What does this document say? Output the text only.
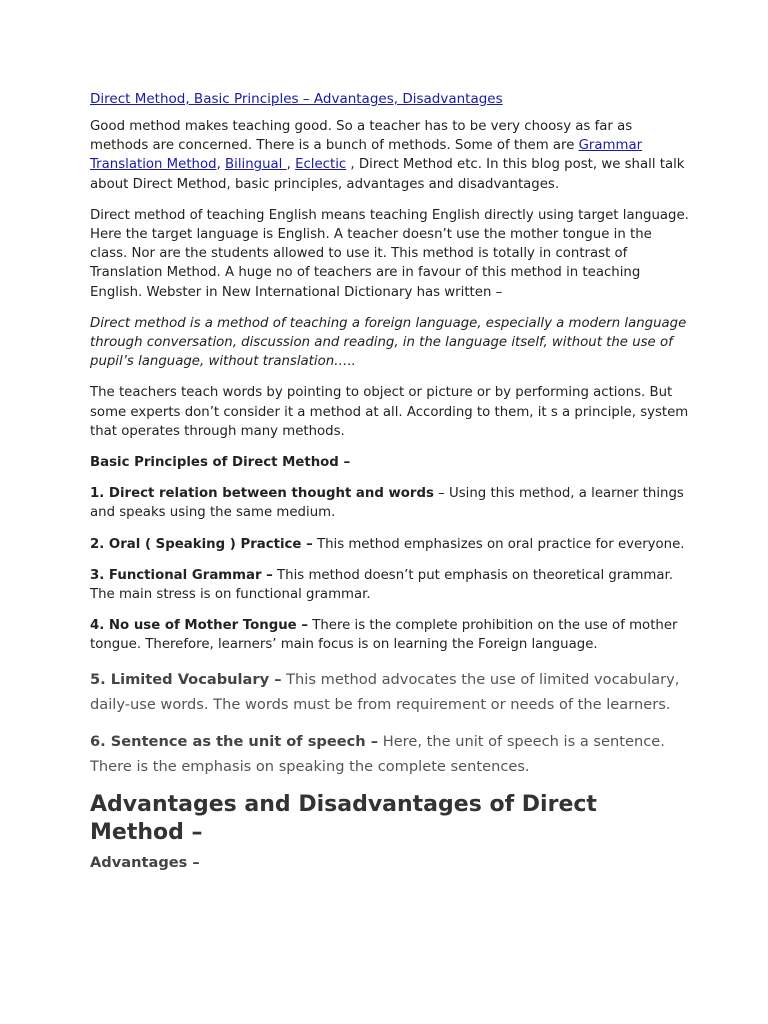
Direct Method, Basic Principles – Advantages, Disadvantages

Good method makes teaching good. So a teacher has to be very choosy as far as methods are concerned. There is a bunch of methods. Some of them are Grammar Translation Method, Bilingual , Eclectic , Direct Method etc. In this blog post, we shall talk about Direct Method, basic principles, advantages and disadvantages.

Direct method of teaching English means teaching English directly using target language. Here the target language is English. A teacher doesn’t use the mother tongue in the class. Nor are the students allowed to use it. This method is totally in contrast of Translation Method. A huge no of teachers are in favour of this method in teaching English. Webster in New International Dictionary has written –

Direct method is a method of teaching a foreign language, especially a modern language through conversation, discussion and reading, in the language itself, without the use of pupil’s language, without translation…..

The teachers teach words by pointing to object or picture or by performing actions. But some experts don’t consider it a method at all. According to them, it s a principle, system that operates through many methods.

Basic Principles of Direct Method –

1. Direct relation between thought and words – Using this method, a learner things and speaks using the same medium.

2. Oral ( Speaking ) Practice – This method emphasizes on oral practice for everyone.

3. Functional Grammar – This method doesn’t put emphasis on theoretical grammar. The main stress is on functional grammar.

4. No use of Mother Tongue – There is the complete prohibition on the use of mother tongue. Therefore, learners’ main focus is on learning the Foreign language.

5. Limited Vocabulary – This method advocates the use of limited vocabulary, daily-use words. The words must be from requirement or needs of the learners.

6. Sentence as the unit of speech – Here, the unit of speech is a sentence. There is the emphasis on speaking the complete sentences.

Advantages and Disadvantages of Direct Method –

Advantages –
